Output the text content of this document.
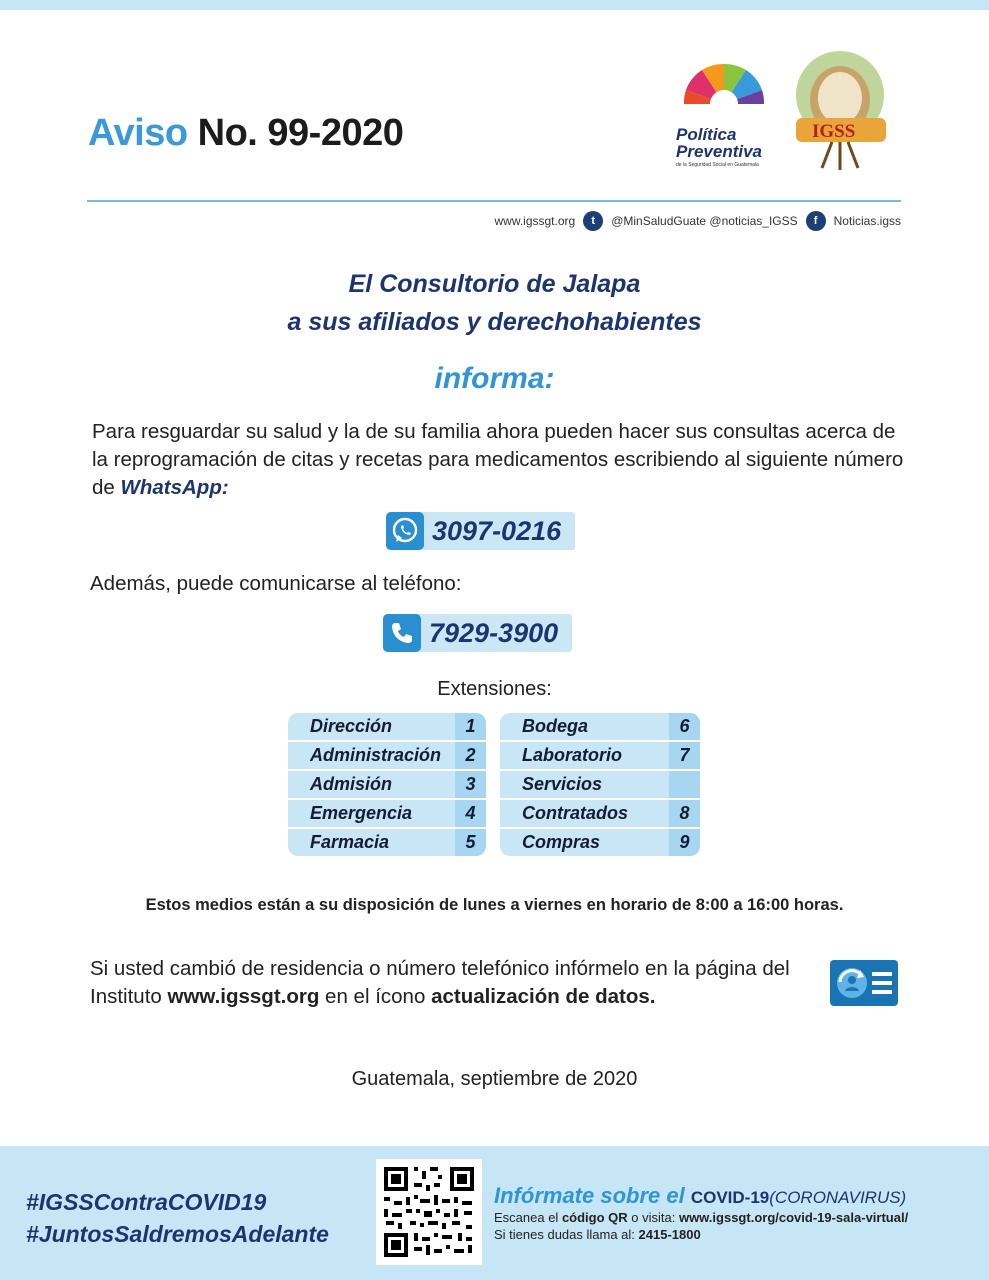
Aviso No. 99-2020	Política
Preventiva
de la Seguridad Social en Guatemala
IGSS
www.igssgt.org	t	@MinSaludGuate @noticias_IGSS	f	Noticias.igss
El Consultorio de Jalapa
a sus afiliados y derechohabientes
informa:
Para resguardar su salud y la de su familia ahora pueden hacer sus consultas acerca de la reprogramación de citas y recetas para medicamentos escribiendo al siguiente número de WhatsApp:
3097-0216
Además, puede comunicarse al teléfono:
7929-3900
Extensiones:
Dirección	1
Administración	2
Admisión	3
Emergencia	4
Farmacia	5
Bodega	6
Laboratorio	7
Servicios
Contratados	8
Compras	9
Estos medios están a su disposición de lunes a viernes en horario de 8:00 a 16:00 horas.
Si usted cambió de residencia o número telefónico infórmelo en la página del Instituto www.igssgt.org en el ícono actualización de datos.
Guatemala, septiembre de 2020
#IGSSContraCOVID19
#JuntosSaldremosAdelante
Infórmate sobre el COVID-19(CORONAVIRUS)
Escanea el código QR o visita: www.igssgt.org/covid-19-sala-virtual/
Si tienes dudas llama al: 2415-1800
